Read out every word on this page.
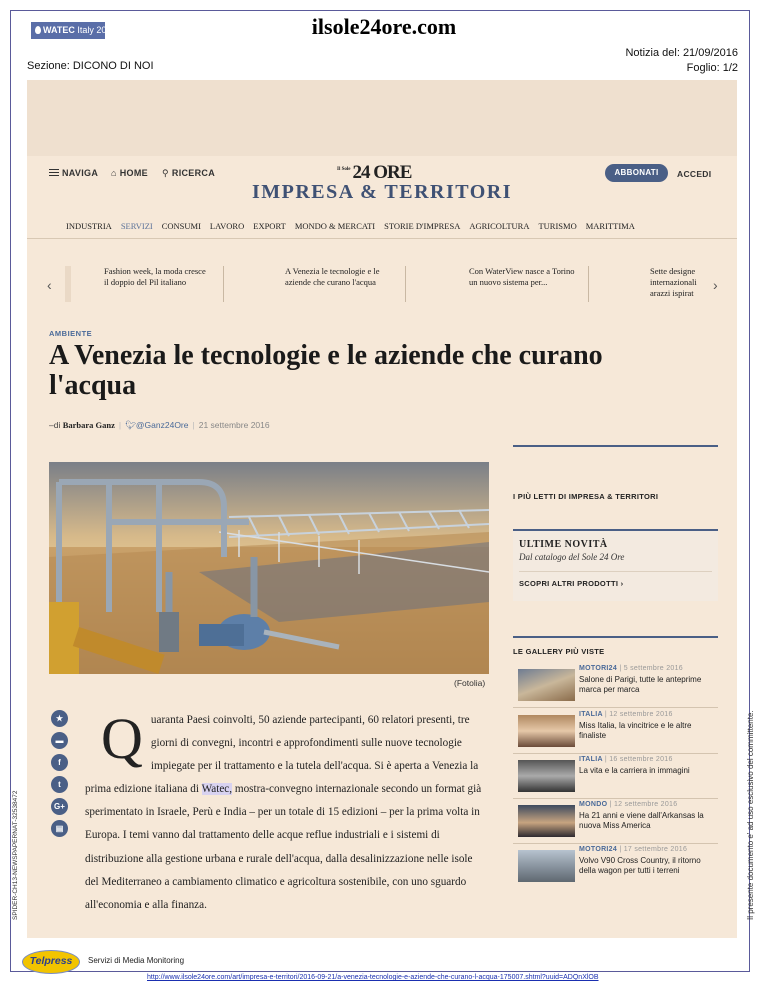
WATEC Italy 2016	ilsole24ore.com
Notizia del: 21/09/2016
Foglio: 1/2
Sezione: DICONO DI NOI
NAVIGA ⌂ HOME ⚲ RICERCA	$^{Il Sole}$ 24 ORE
IMPRESA & TERRITORI
ABBONATI	ACCEDI
INDUSTRIA SERVIZI CONSUMI LAVORO EXPORT MONDO & MERCATI STORIE D'IMPRESA AGRICOLTURA TURISMO MARITTIMA
‹
Fashion week, la moda cresce il doppio del Pil italiano
A Venezia le tecnologie e le aziende che curano l'acqua
Con WaterView nasce a Torino un nuovo sistema per...
Sette designe internazionali arazzi ispirat	›
AMBIENTE
A Venezia le tecnologie e le aziende che curano l'acqua
–di Barbara Ganz | 🐦︎@Ganz24Ore | 21 settembre 2016
(Fotolia)
I PIÙ LETTI DI IMPRESA & TERRITORI
ULTIME NOVITÀ
Dal catalogo del Sole 24 Ore
SCOPRI ALTRI PRODOTTI ›
LE GALLERY PIÙ VISTE
MOTORI24 | 5 settembre 2016
Salone di Parigi, tutte le anteprime marca per marca
ITALIA | 12 settembre 2016
Miss Italia, la vincitrice e le altre finaliste
ITALIA | 16 settembre 2016
La vita e la carriera in immagini
MONDO | 12 settembre 2016
Ha 21 anni e viene dall'Arkansas la nuova Miss America
MOTORI24 | 17 settembre 2016
Volvo V90 Cross Country, il ritorno della wagon per tutti i terreni
★
▬
f
t
G+
▤
Quaranta Paesi coinvolti, 50 aziende partecipanti, 60 relatori presenti, tre giorni di convegni, incontri e approfondimenti sulle nuove tecnologie impiegate per il trattamento e la tutela dell'acqua. Si è aperta a Venezia la prima edizione italiana di Watec, mostra-convegno internazionale secondo un format già sperimentato in Israele, Perù e India – per un totale di 15 edizioni – per la prima volta in Europa. I temi vanno dal trattamento delle acque reflue industriali e i sistemi di distribuzione alla gestione urbana e rurale dell'acqua, dalla desalinizzazione nelle isole del Mediterraneo a cambiamento climatico e agricoltura sostenibile, con uno sguardo all'economia e alla finanza.	Il presente documento e' ad uso esclusivo del committente.
SPIDER-CH13-NEWSPAPERNAT-32538472
Telpress	Servizi di Media Monitoring
http://www.ilsole24ore.com/art/impresa-e-territori/2016-09-21/a-venezia-tecnologie-e-aziende-che-curano-l-acqua-175007.shtml?uuid=ADQnXlOB
